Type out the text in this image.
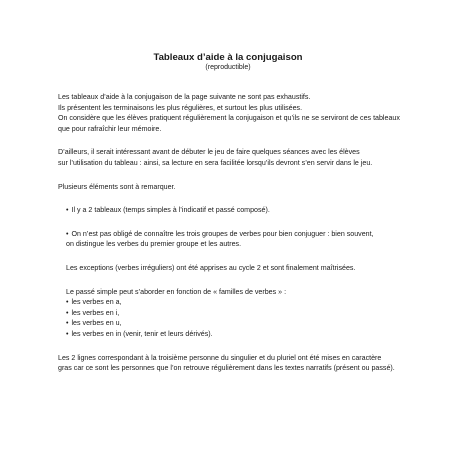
Tableaux d’aide à la conjugaison

(reproductible)

Les tableaux d’aide à la conjugaison de la page suivante ne sont pas exhaustifs.
Ils présentent les terminaisons les plus régulières, et surtout les plus utilisées.
On considère que les élèves pratiquent régulièrement la conjugaison et qu’ils ne se serviront de ces tableaux
que pour rafraîchir leur mémoire.
D’ailleurs, il serait intéressant avant de débuter le jeu de faire quelques séances avec les élèves
sur l’utilisation du tableau : ainsi, sa lecture en sera facilitée lorsqu’ils devront s’en servir dans le jeu.
Plusieurs éléments sont à remarquer.
• Il y a 2 tableaux (temps simples à l’indicatif et passé composé).
• On n’est pas obligé de connaître les trois groupes de verbes pour bien conjuguer : bien souvent,
on distingue les verbes du premier groupe et les autres.
Les exceptions (verbes irréguliers) ont été apprises au cycle 2 et sont finalement maîtrisées.
Le passé simple peut s’aborder en fonction de « familles de verbes » :
• les verbes en a,
• les verbes en i,
• les verbes en u,
• les verbes en in (venir, tenir et leurs dérivés).
Les 2 lignes correspondant à la troisième personne du singulier et du pluriel ont été mises en caractère
gras car ce sont les personnes que l’on retrouve régulièrement dans les textes narratifs (présent ou passé).
